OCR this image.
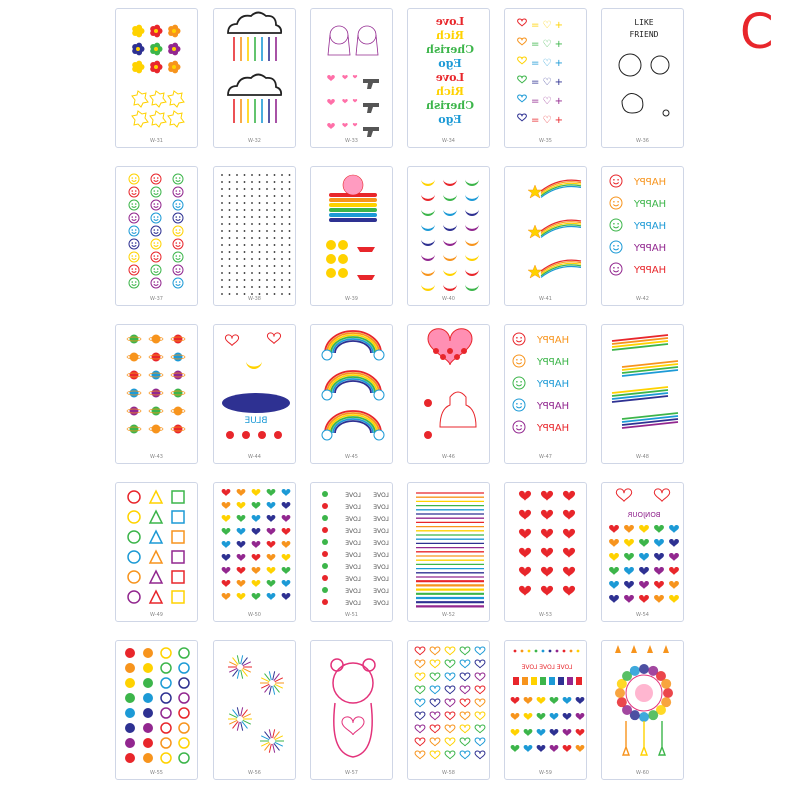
C
W-31	W-32	W-33
Love
Rich
Cherish
Ego
Love
Rich
Cherish
Ego
W-34
= ♡ +
= ♡ +
= ♡ +
= ♡ +
= ♡ +
= ♡ +
W-35
LIKE
FRIEND
W-36
W-37	W-38	W-39	W-40	W-41
HAPPY
HAPPY
HAPPY
HAPPY
HAPPY
W-42
W-43
BLUE
W-44	W-45	W-46
HAPPY
HAPPY
HAPPY
HAPPY
HAPPY
W-47	W-48
W-49	W-50
LOVE LOVE
LOVE LOVE
LOVE LOVE
LOVE LOVE
LOVE LOVE
LOVE LOVE
LOVE LOVE
LOVE LOVE
LOVE LOVE
LOVE LOVE
W-51	W-52	W-53
BONJOUR
W-54
W-55	W-56	W-57	W-58
LOVE LOVE LOVE
W-59	W-60
